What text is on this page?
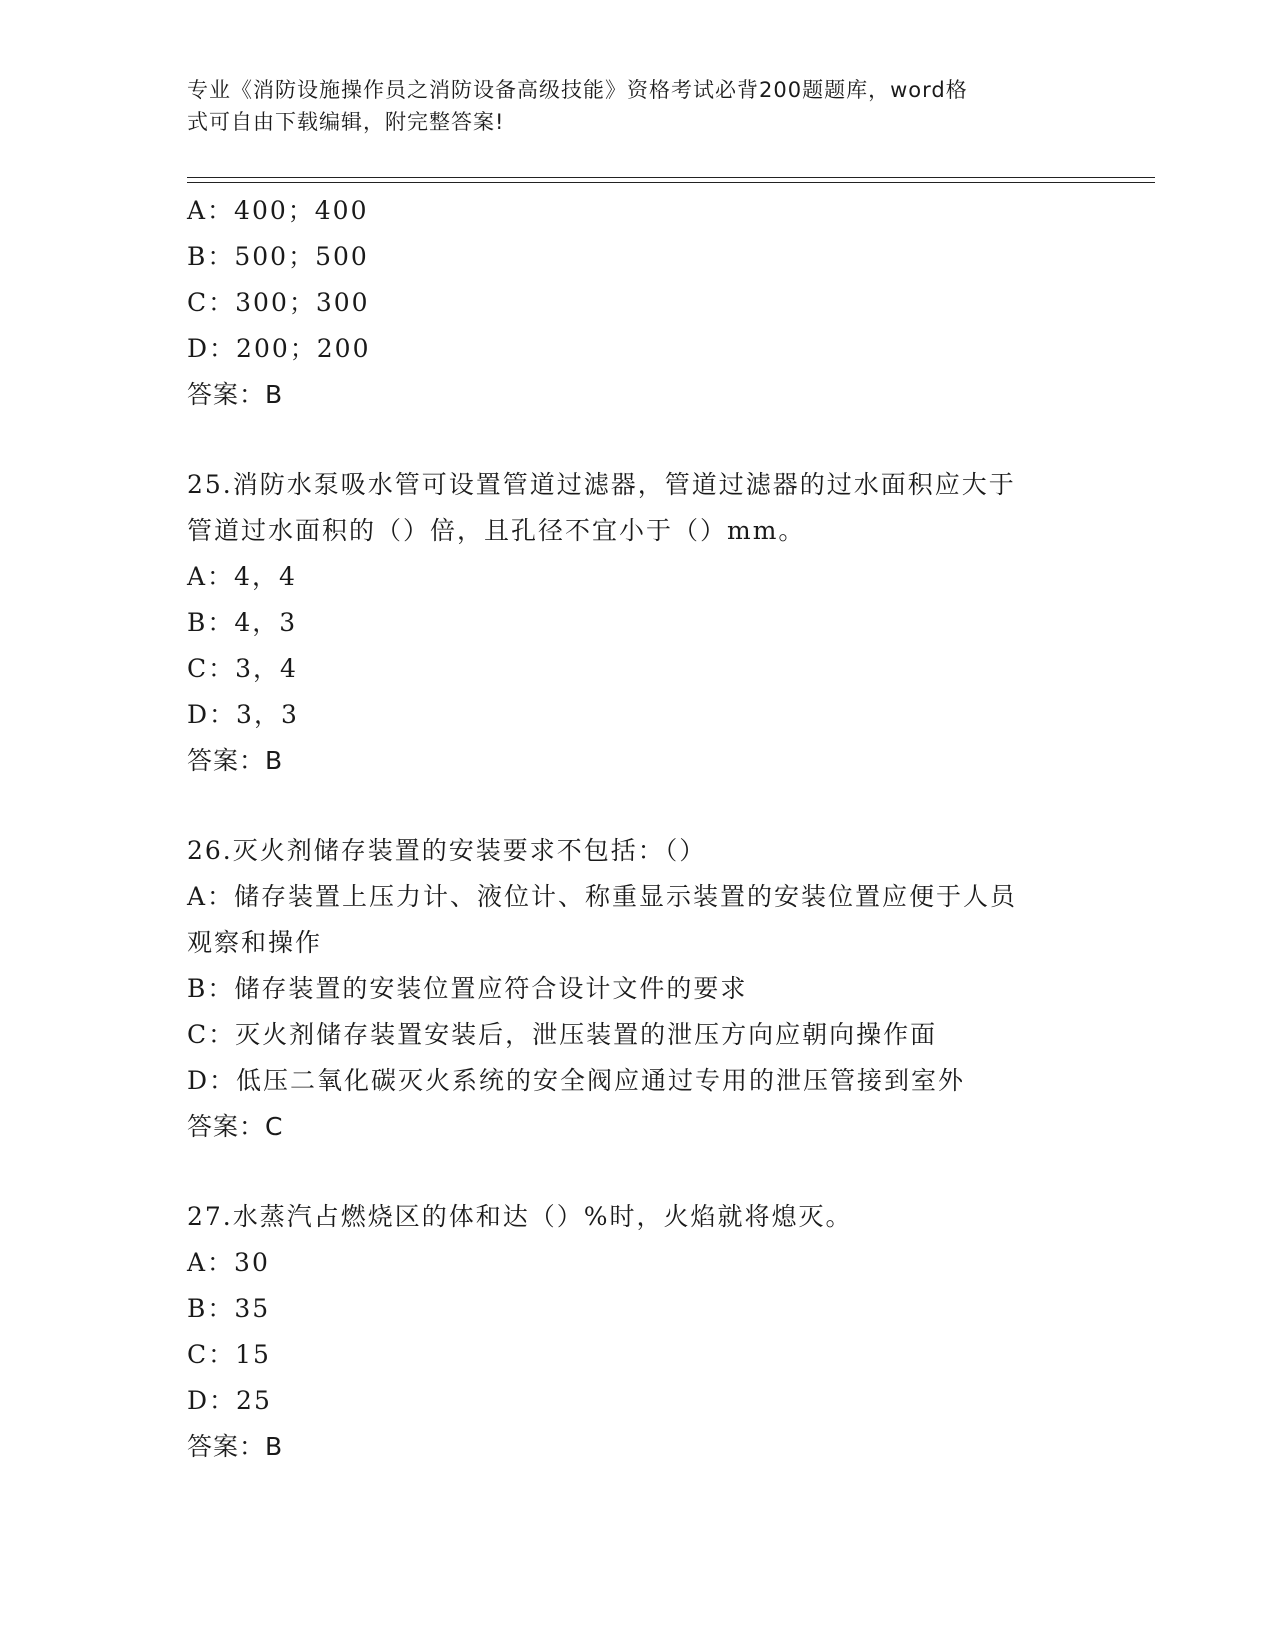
专业《消防设施操作员之消防设备高级技能》资格考试必背200题题库，word格
式可自由下载编辑，附完整答案!
A：400；400
B：500；500
C：300；300
D：200；200
答案：B
25.消防水泵吸水管可设置管道过滤器，管道过滤器的过水面积应大于
管道过水面积的（）倍，且孔径不宜小于（）mm。
A：4，4
B：4，3
C：3，4
D：3，3
答案：B
26.灭火剂储存装置的安装要求不包括：（）
A：储存装置上压力计、液位计、称重显示装置的安装位置应便于人员
观察和操作
B：储存装置的安装位置应符合设计文件的要求
C：灭火剂储存装置安装后，泄压装置的泄压方向应朝向操作面
D：低压二氧化碳灭火系统的安全阀应通过专用的泄压管接到室外
答案：C
27.水蒸汽占燃烧区的体和达（）%时，火焰就将熄灭。
A：30
B：35
C：15
D：25
答案：B
